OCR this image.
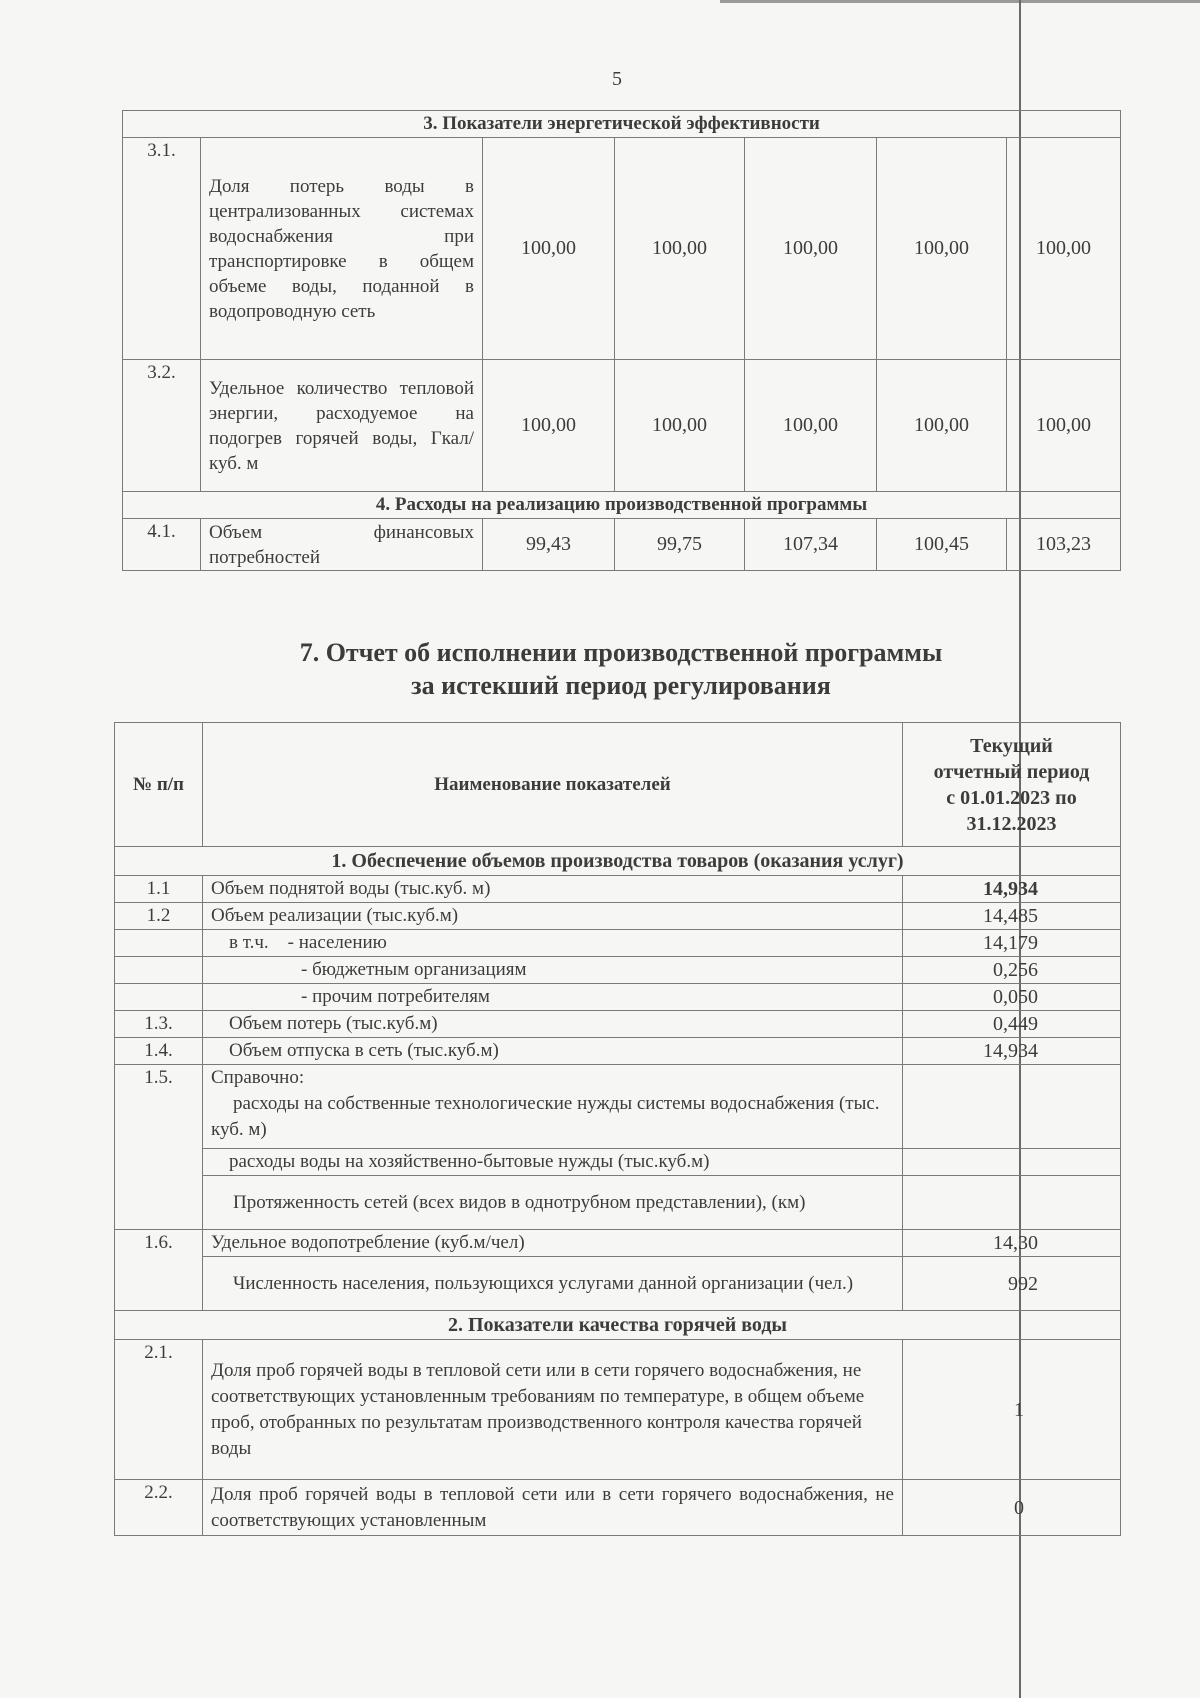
5
3. Показатели энергетической эффективности						
3.1.	Доля потерь воды в централизованных системах водоснабжения при транспортировке в общем объеме воды, поданной в водопроводную сеть	100,00	100,00	100,00	100,00	100,00
3.2.	Удельное количество тепловой энергии, расходуемое на подогрев горячей воды, Гкал/куб. м	100,00	100,00	100,00	100,00	100,00
4. Расходы на реализацию производственной программы						
4.1.	Объем финансовых потребностей	99,43	99,75	107,34	100,45	103,23
7. Отчет об исполнении производственной программы
за истекший период регулирования
№ п/п	Наименование показателей	Текущий
отчетный период
с 01.01.2023 по
31.12.2023

1. Обеспечение объемов производства товаров (оказания услуг)		
1.1	Объем поднятой воды (тыс.куб. м)	14,934
1.2	Объем реализации (тыс.куб.м)	14,485
	в т.ч.    - населению	14,179
	- бюджетным организациям	0,256
	- прочим потребителям	0,050
1.3.	Объем потерь (тыс.куб.м)	0,449
1.4.	Объем отпуска в сеть (тыс.куб.м)	14,934
1.5.	Справочно:
расходы на собственные технологические нужды системы водоснабжения (тыс. куб. м)	

	расходы воды на хозяйственно-бытовые нужды (тыс.куб.м)	
	Протяженность сетей (всех видов в однотрубном представлении), (км)	
1.6.	Удельное водопотребление (куб.м/чел)	14,30
	Численность населения, пользующихся услугами данной организации (чел.)	992
2. Показатели качества горячей воды		
2.1.	Доля проб горячей воды в тепловой сети или в сети горячего водоснабжения, не соответствующих установленным требованиям по температуре, в общем объеме проб, отобранных по результатам производственного контроля качества горячей воды	1
2.2.	Доля проб горячей воды в тепловой сети или в сети горячего водоснабжения, не соответствующих установленным	0
